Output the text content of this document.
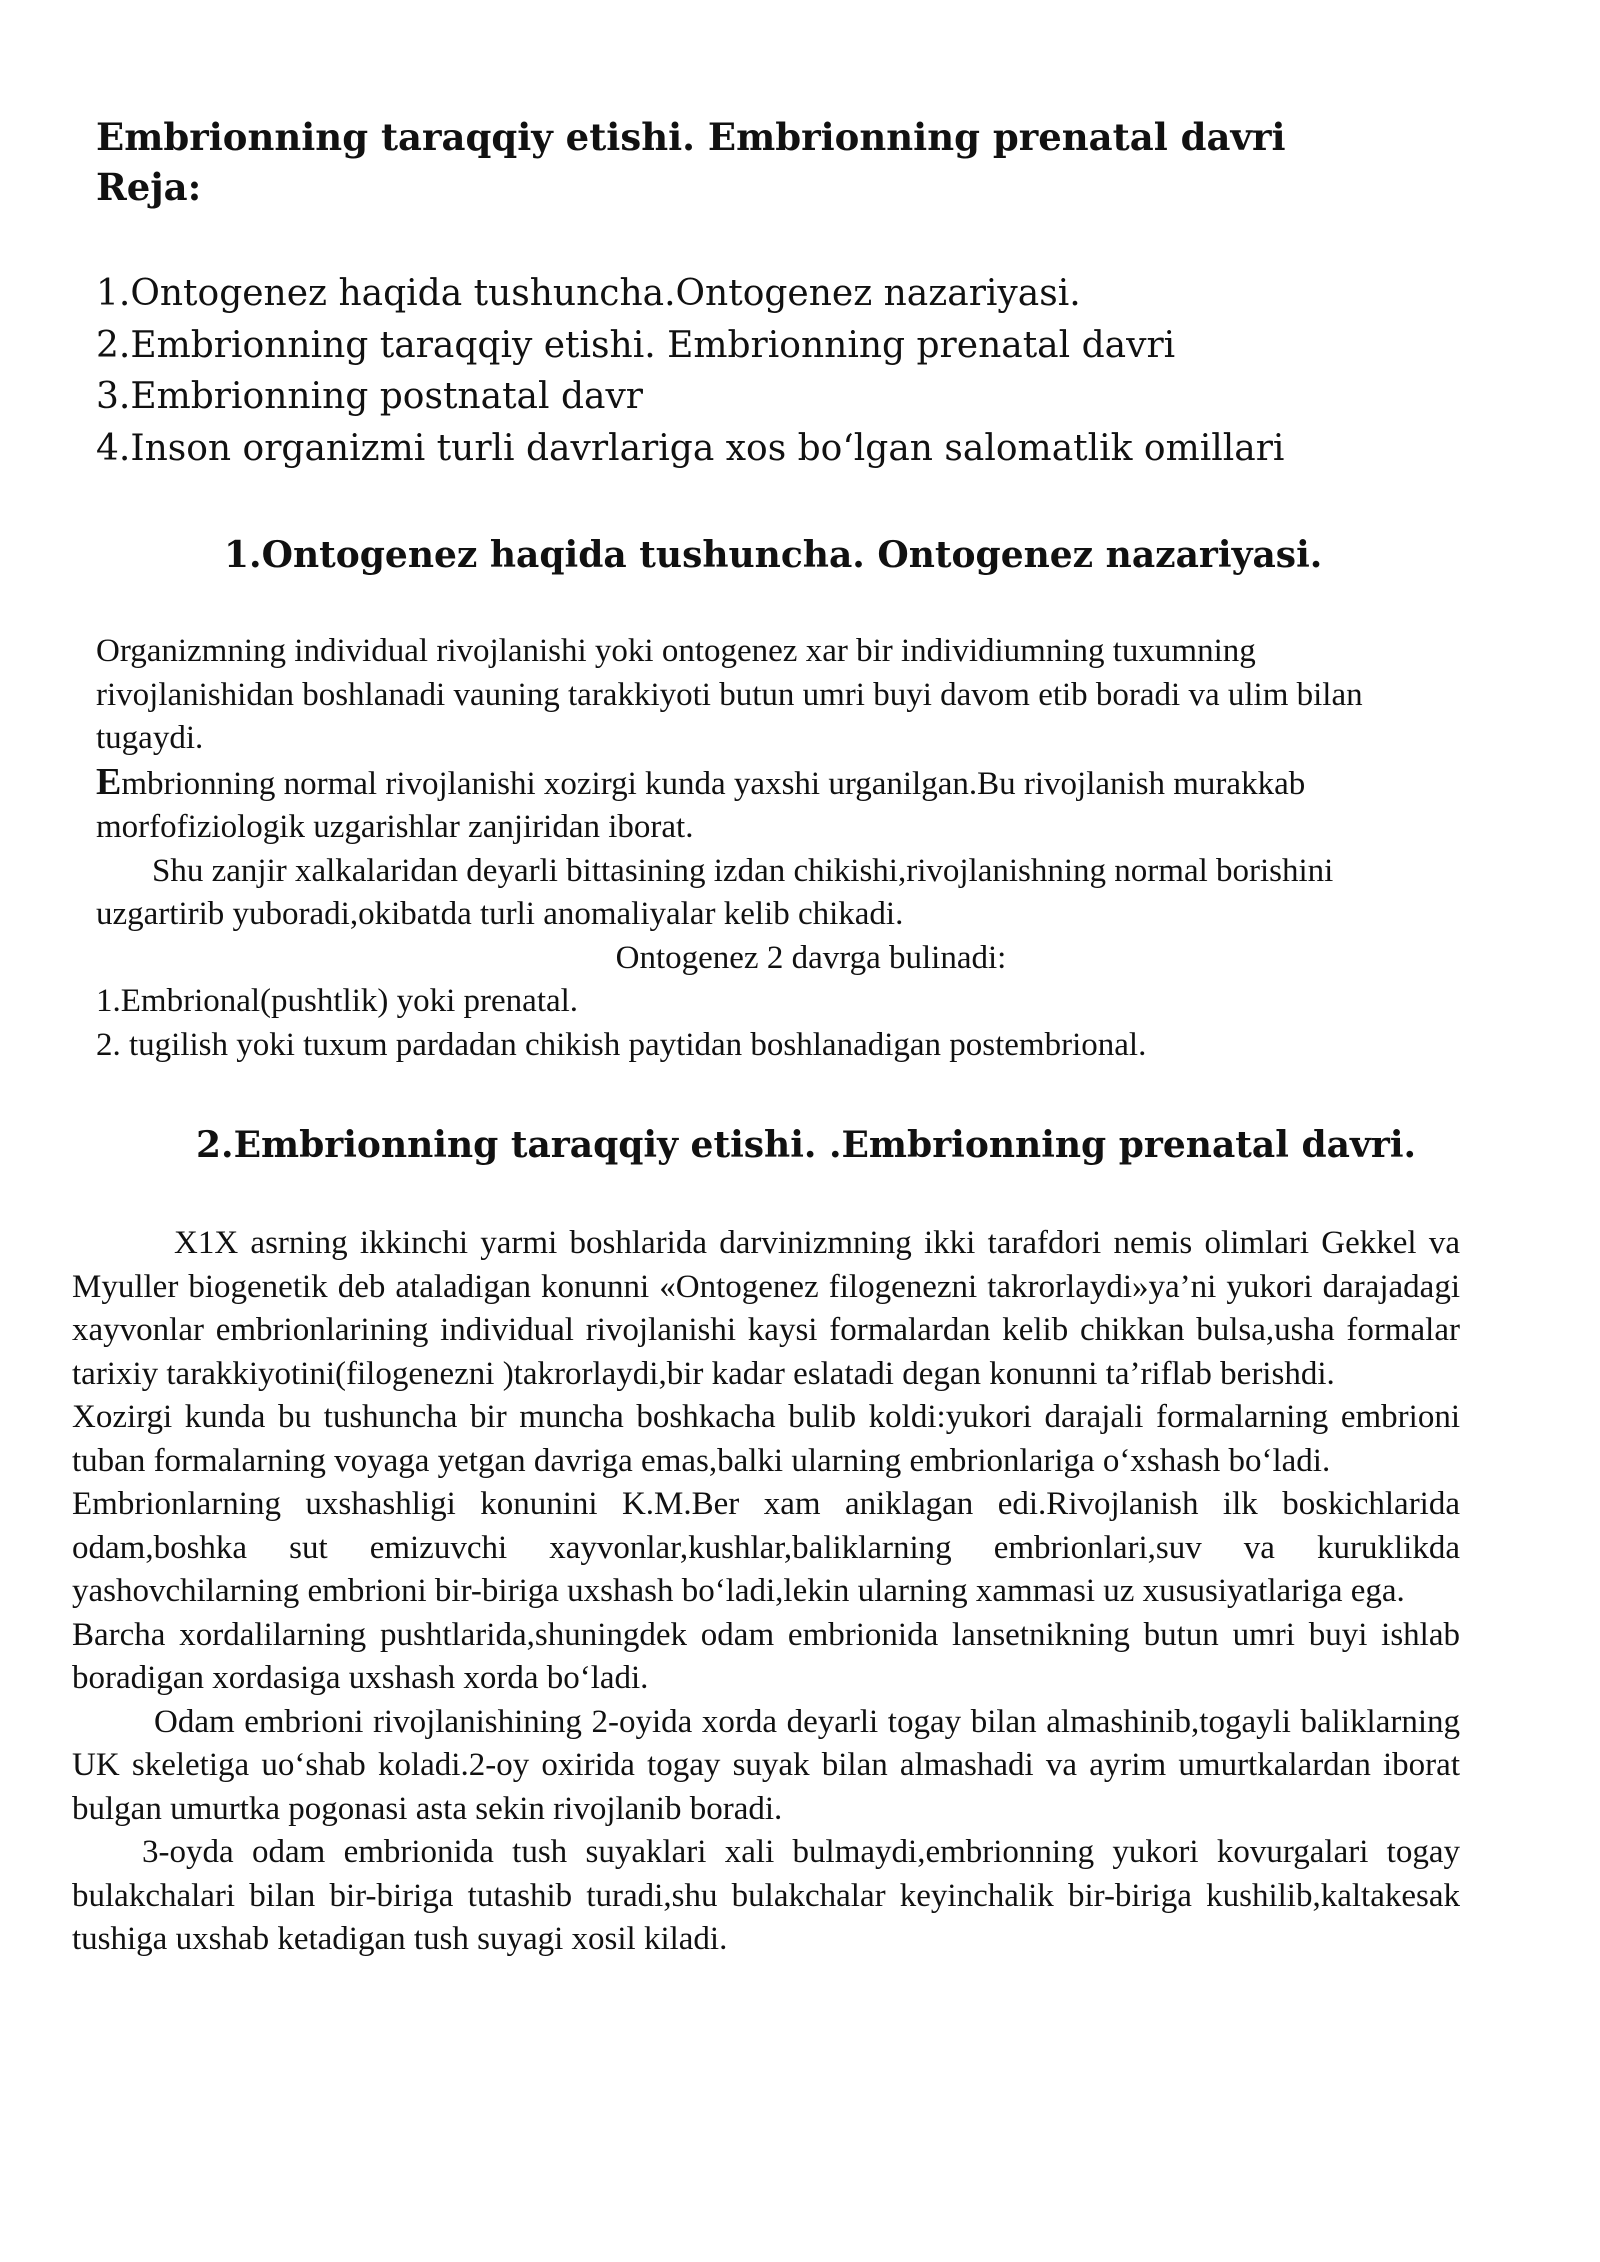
Embrionning taraqqiy etishi. Embrionning prenatal davri
Reja:
1.Ontogenez haqida tushuncha.Ontogenez nazariyasi.
2.Embrionning taraqqiy etishi. Embrionning prenatal davri
3.Embrionning postnatal davr
4.Inson organizmi turli davrlariga xos bo‘lgan salomatlik omillari
1.Ontogenez haqida tushuncha. Ontogenez nazariyasi.

Organizmning individual rivojlanishi yoki ontogenez xar bir individiumning tuxumning rivojlanishidan boshlanadi vauning tarakkiyoti butun umri buyi davom etib boradi va ulim bilan tugaydi.

Embrionning normal rivojlanishi xozirgi kunda yaxshi urganilgan.Bu rivojlanish murakkab morfofiziologik uzgarishlar zanjiridan iborat.

Shu zanjir xalkalaridan deyarli bittasining izdan chikishi,rivojlanishning normal borishini uzgartirib yuboradi,okibatda turli anomaliyalar kelib chikadi.

Ontogenez 2 davrga bulinadi:

1.Embrional(pushtlik) yoki prenatal.

2. tugilish yoki tuxum pardadan chikish paytidan boshlanadigan postembrional.

2.Embrionning taraqqiy etishi. .Embrionning prenatal davri.

X1X asrning ikkinchi yarmi boshlarida darvinizmning ikki tarafdori nemis olimlari Gekkel va Myuller biogenetik deb ataladigan konunni «Ontogenez filogenezni takrorlaydi»ya’ni yukori darajadagi xayvonlar embrionlarining individual rivojlanishi kaysi formalardan kelib chikkan bulsa,usha formalar tarixiy tarakkiyotini(filogenezni )takrorlaydi,bir kadar eslatadi degan konunni ta’riflab berishdi.

Xozirgi kunda bu tushuncha bir muncha boshkacha bulib koldi:yukori darajali formalarning embrioni tuban formalarning voyaga yetgan davriga emas,balki ularning embrionlariga o‘xshash bo‘ladi.

Embrionlarning uxshashligi konunini K.M.Ber xam aniklagan edi.Rivojlanish ilk boskichlarida odam,boshka sut emizuvchi xayvonlar,kushlar,baliklarning embrionlari,suv va kuruklikda yashovchilarning embrioni bir-biriga uxshash bo‘ladi,lekin ularning xammasi uz xususiyatlariga ega.

Barcha xordalilarning pushtlarida,shuningdek odam embrionida lansetnikning butun umri buyi ishlab boradigan xordasiga uxshash xorda bo‘ladi.

Odam embrioni rivojlanishining 2-oyida xorda deyarli togay bilan almashinib,togayli baliklarning UK skeletiga uo‘shab koladi.2-oy oxirida togay suyak bilan almashadi va ayrim umurtkalardan iborat bulgan umurtka pogonasi asta sekin rivojlanib boradi.

3-oyda odam embrionida tush suyaklari xali bulmaydi,embrionning yukori kovurgalari togay bulakchalari bilan bir-biriga tutashib turadi,shu bulakchalar keyinchalik bir-biriga kushilib,kaltakesak tushiga uxshab ketadigan tush suyagi xosil kiladi.
